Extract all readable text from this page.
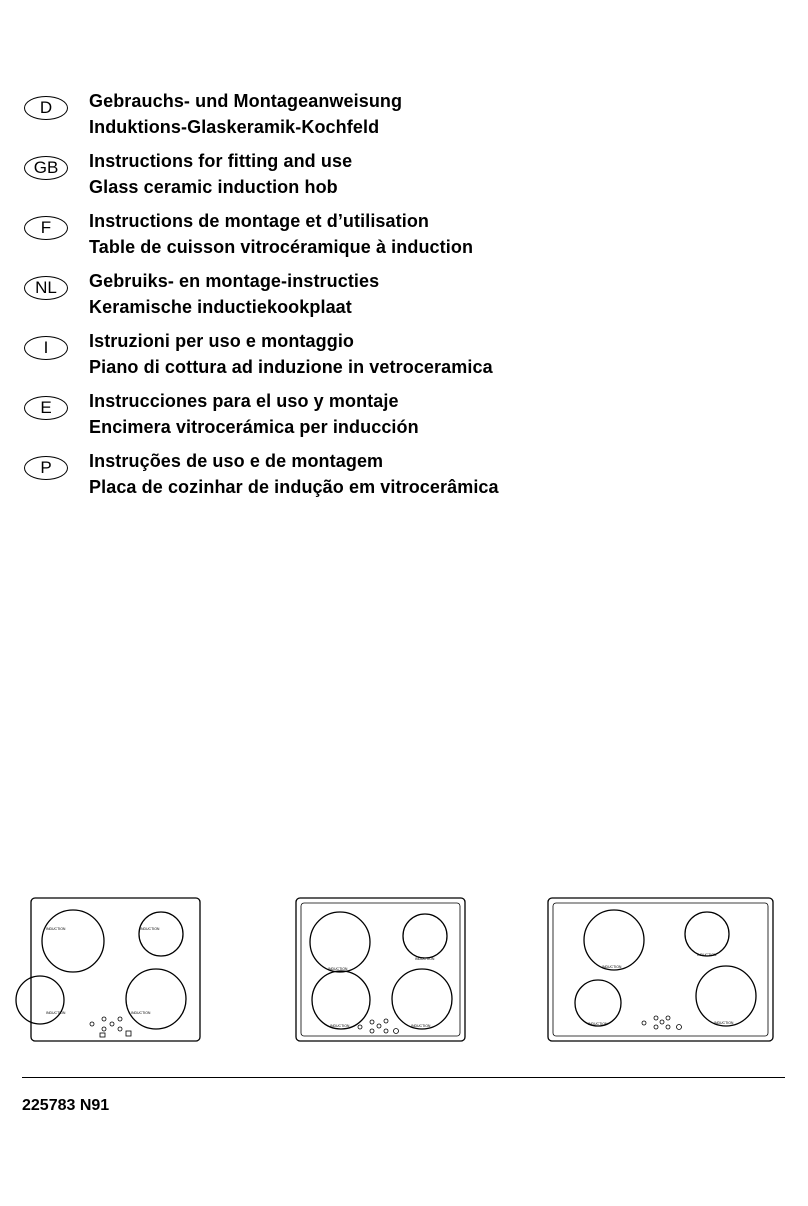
D	Gebrauchs- und Montageanweisung
Induktions-Glaskeramik-Kochfeld
GB	Instructions for fitting and use
Glass ceramic induction hob
F	Instructions de montage et d’utilisation
Table de cuisson vitrocéramique à induction
NL	Gebruiks- en montage-instructies
Keramische inductiekookplaat
I	Istruzioni per uso e montaggio
Piano di cottura ad induzione in vetroceramica
E	Instrucciones para el uso y montaje
Encimera vitrocerámica per inducción
P	Instruções de uso e de montagem
Placa de cozinhar de indução em vitrocerâmica
INDUCTION	INDUCTION
INDUCTION	INDUCTION
INDUCTION
INDUCTION
INDUCTION	INDUCTION
INDUCTION
INDUCTION
INDUCTION	INDUCTION
225783 N91
